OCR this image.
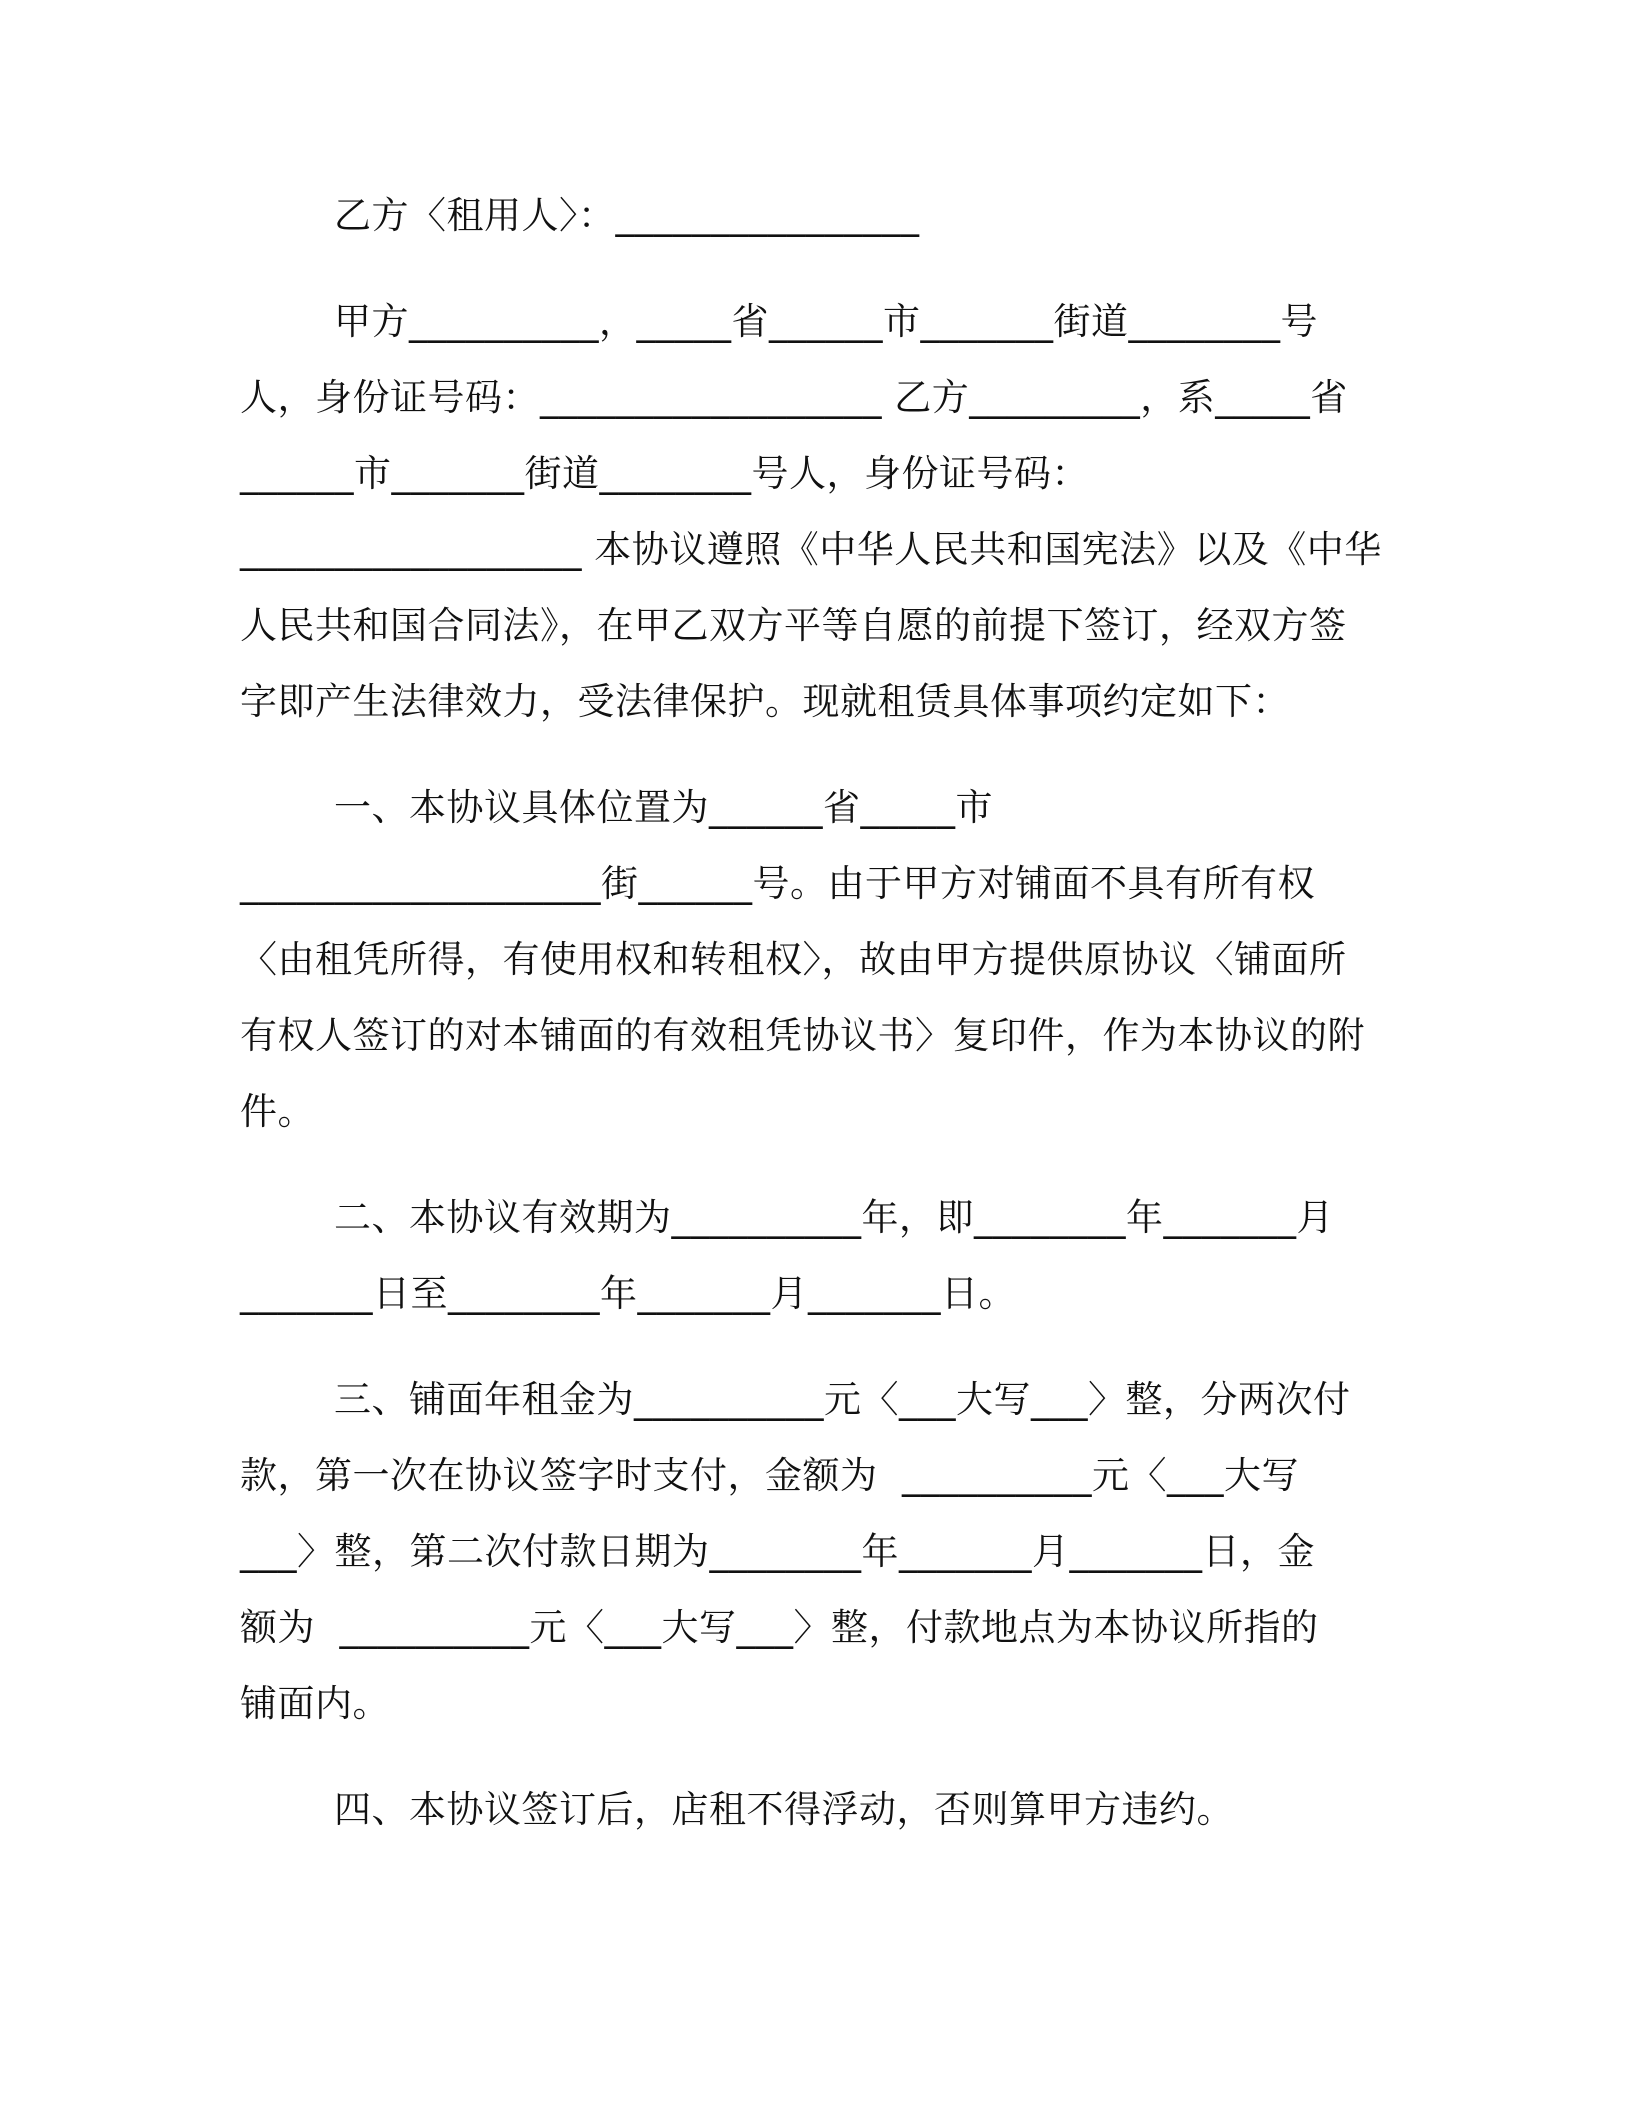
乙方〈租用人〉：________________
甲方__________，_____省______市_______街道________号
人，身份证号码：__________________ 乙方_________，系_____省
______市_______街道________号人，身份证号码：
__________________ 本协议遵照《中华人民共和国宪法》以及《中华
人民共和国合同法》，在甲乙双方平等自愿的前提下签订，经双方签
字即产生法律效力，受法律保护。现就租赁具体事项约定如下：
一、本协议具体位置为______省_____市
___________________街______号。由于甲方对铺面不具有所有权
〈由租凭所得，有使用权和转租权〉，故由甲方提供原协议〈铺面所
有权人签订的对本铺面的有效租凭协议书〉复印件，作为本协议的附
件。
二、本协议有效期为__________年，即________年_______月
_______日至________年_______月_______日。
三、铺面年租金为__________元〈___大写___〉整，分两次付
款，第一次在协议签字时支付，金额为  __________元〈___大写
___〉整，第二次付款日期为________年_______月_______日，金
额为  __________元〈___大写___〉整，付款地点为本协议所指的
铺面内。
四、本协议签订后，店租不得浮动，否则算甲方违约。
